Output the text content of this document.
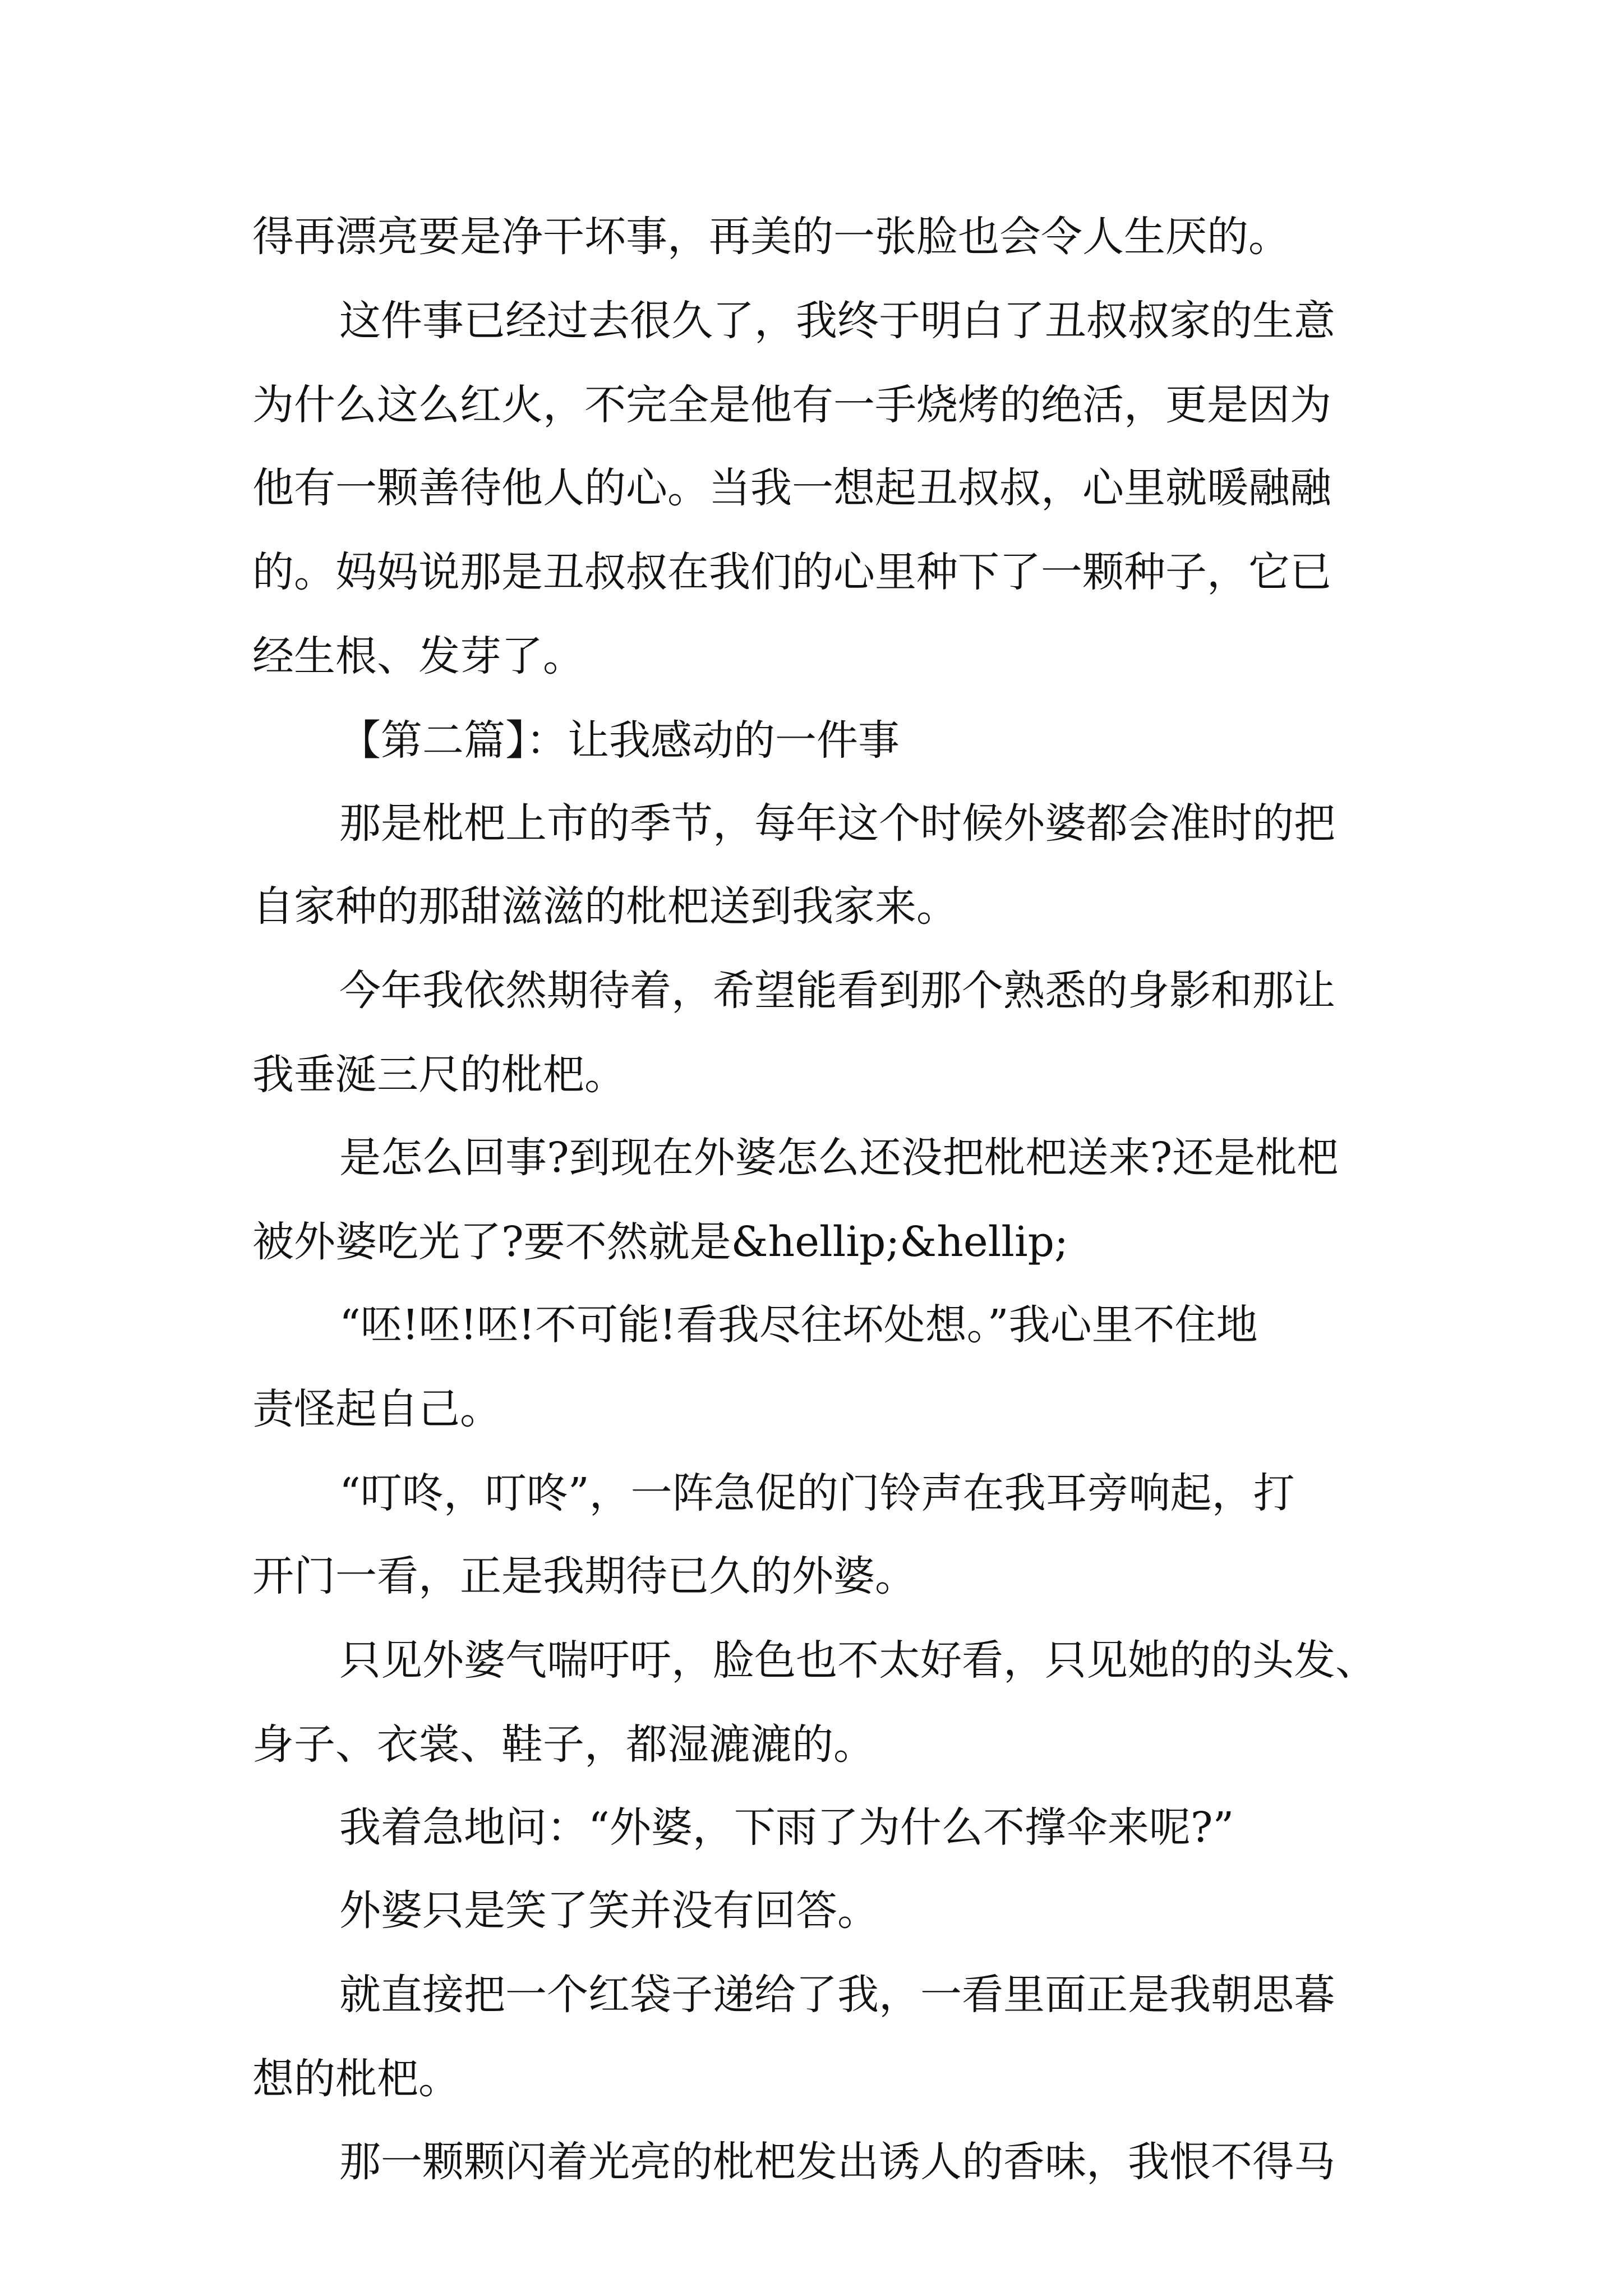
得再漂亮要是净干坏事，再美的一张脸也会令人生厌的。
这件事已经过去很久了，我终于明白了丑叔叔家的生意
为什么这么红火，不完全是他有一手烧烤的绝活，更是因为
他有一颗善待他人的心。当我一想起丑叔叔，心里就暖融融
的。妈妈说那是丑叔叔在我们的心里种下了一颗种子，它已
经生根、发芽了。
【第二篇】：让我感动的一件事
那是枇杷上市的季节，每年这个时候外婆都会准时的把
自家种的那甜滋滋的枇杷送到我家来。
今年我依然期待着，希望能看到那个熟悉的身影和那让
我垂涎三尺的枇杷。
是怎么回事?到现在外婆怎么还没把枇杷送来?还是枇杷
被外婆吃光了?要不然就是&hellip;&hellip;
“呸!呸!呸!不可能!看我尽往坏处想。”我心里不住地
责怪起自己。
“叮咚，叮咚”，一阵急促的门铃声在我耳旁响起，打
开门一看，正是我期待已久的外婆。
只见外婆气喘吁吁，脸色也不太好看，只见她的的头发、
身子、衣裳、鞋子，都湿漉漉的。
我着急地问：“外婆，下雨了为什么不撑伞来呢?”
外婆只是笑了笑并没有回答。
就直接把一个红袋子递给了我，一看里面正是我朝思暮
想的枇杷。
那一颗颗闪着光亮的枇杷发出诱人的香味，我恨不得马
